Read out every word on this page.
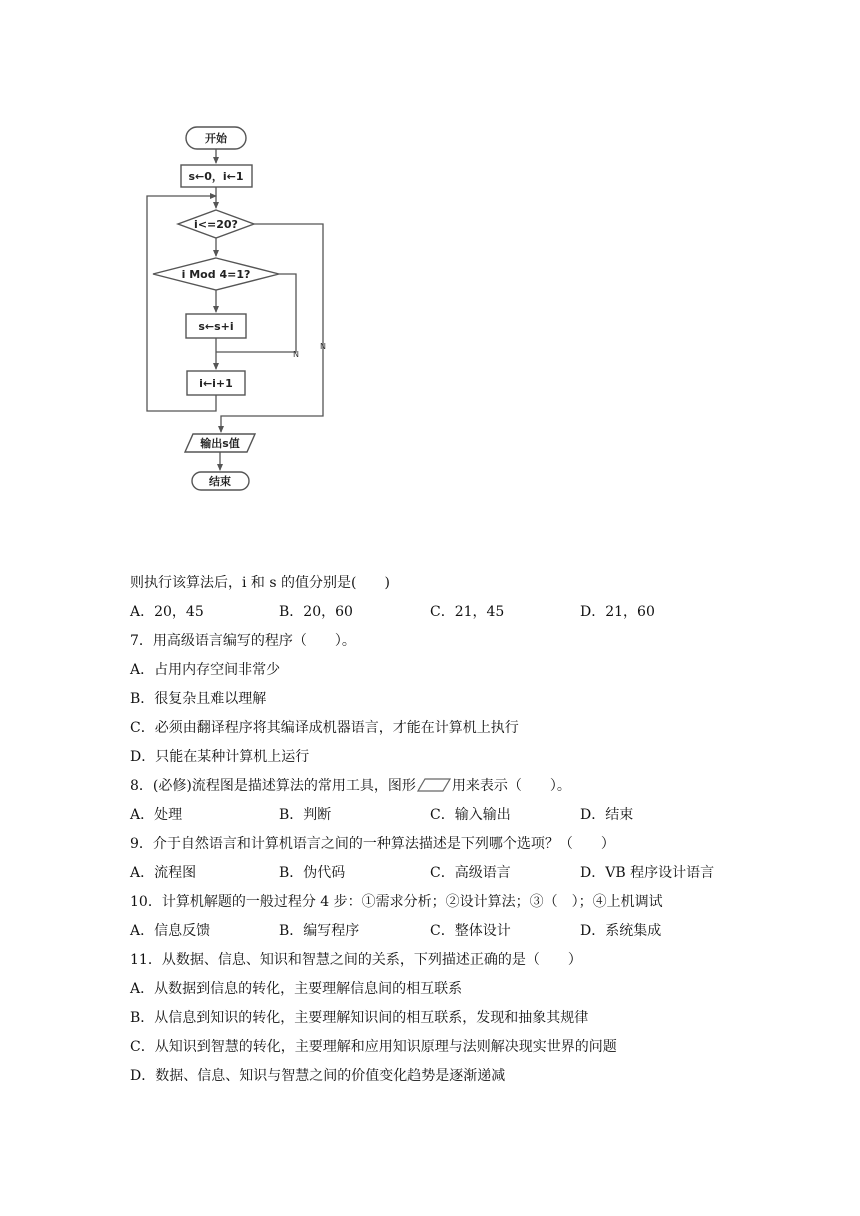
开始
s←0，i←1
i<=20?
i Mod 4=1?
s←s+i
N
i←i+1
N
输出s值
结束
则执行该算法后，i 和 s 的值分别是(　　)
A．20，45	B．20，60	C．21，45	D．21，60
7．用高级语言编写的程序（　　）。
A．占用内存空间非常少
B．很复杂且难以理解
C．必须由翻译程序将其编译成机器语言，才能在计算机上执行
D．只能在某种计算机上运行
8．(必修)流程图是描述算法的常用工具，图形	用来表示（　　）。
A．处理	B．判断	C．输入输出	D．结束
9．介于自然语言和计算机语言之间的一种算法描述是下列哪个选项？（　　）
A．流程图	B．伪代码	C．高级语言	D．VB 程序设计语言
10．计算机解题的一般过程分 4 步：①需求分析；②设计算法；③（　）；④上机调试
A．信息反馈	B．编写程序	C．整体设计	D．系统集成
11．从数据、信息、知识和智慧之间的关系，下列描述正确的是（　　）
A．从数据到信息的转化，主要理解信息间的相互联系
B．从信息到知识的转化，主要理解知识间的相互联系，发现和抽象其规律
C．从知识到智慧的转化，主要理解和应用知识原理与法则解决现实世界的问题
D．数据、信息、知识与智慧之间的价值变化趋势是逐渐递减
